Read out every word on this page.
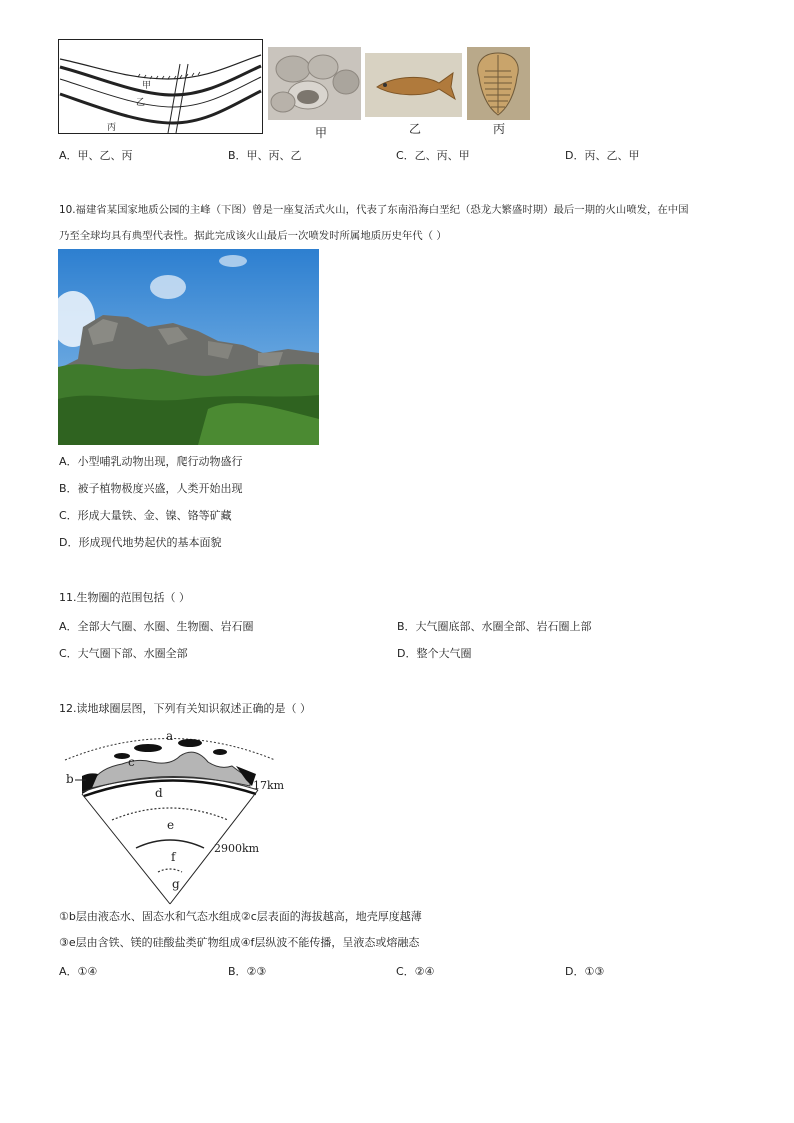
甲
乙
丙	甲	乙	丙
A．甲、乙、丙	B．甲、丙、乙	C．乙、丙、甲	D．丙、乙、甲
10.福建省某国家地质公园的主峰（下图）曾是一座复活式火山，代表了东南沿海白垩纪（恐龙大繁盛时期）最后一期的火山喷发，在中国
乃至全球均具有典型代表性。据此完成该火山最后一次喷发时所属地质历史年代（ ）
A．小型哺乳动物出现，爬行动物盛行
B．被子植物极度兴盛，人类开始出现
C．形成大量铁、金、镍、铬等矿藏
D．形成现代地势起伏的基本面貌
11.生物圈的范围包括（ ）
A．全部大气圈、水圈、生物圈、岩石圈	B．大气圈底部、水圈全部、岩石圈上部
C．大气圈下部、水圈全部	D．整个大气圈
12.读地球圈层图，下列有关知识叙述正确的是（ ）
a
b
c
d
e
f
g
17km
2900km
①b层由液态水、固态水和气态水组成②c层表面的海拔越高，地壳厚度越薄
③e层由含铁、镁的硅酸盐类矿物组成④f层纵波不能传播，呈液态或熔融态
A．①④	B．②③	C．②④	D．①③
